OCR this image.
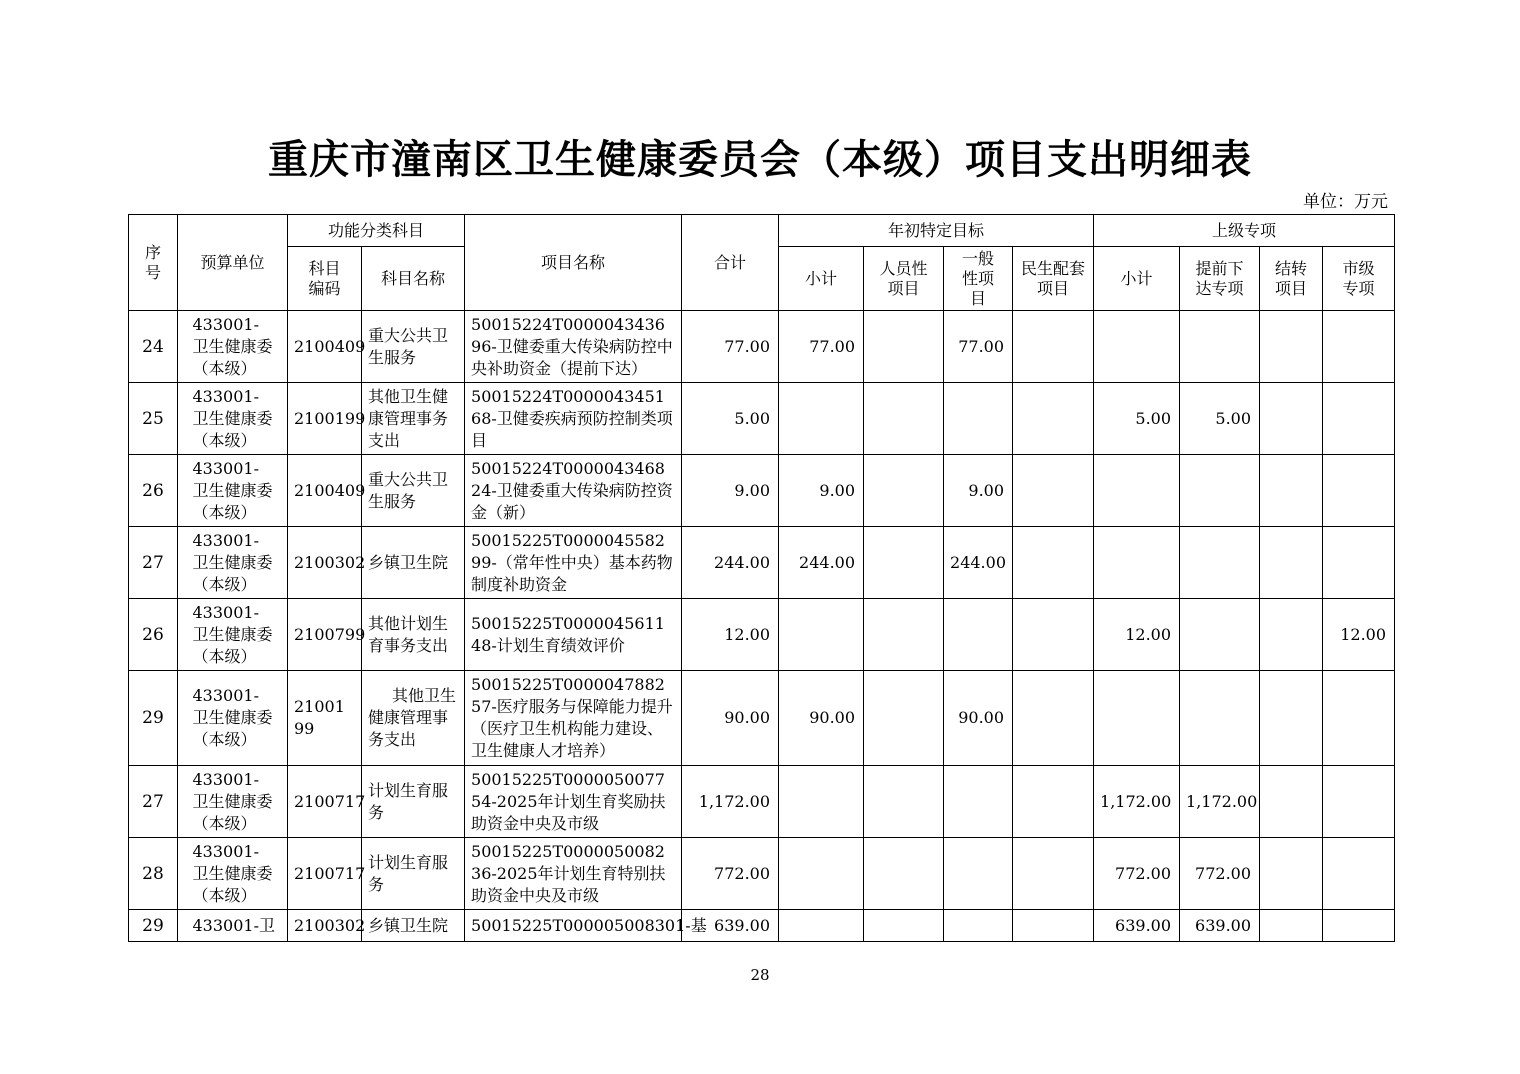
重庆市潼南区卫生健康委员会（本级）项目支出明细表
单位：万元
序号	预算单位	功能分类科目		项目名称	合计	年初特定目标				上级专项			

		科目编码	科目名称			小计	人员性项目	一般性项目	民生配套项目	小计	提前下达专项	结转项目	市级专项

24	433001-卫生健康委（本级）	2100409	重大公共卫生服务	50015224T000004343696-卫健委重大传染病防控中央补助资金（提前下达）	77.00	77.00		77.00					
25	433001-卫生健康委（本级）	2100199	其他卫生健康管理事务支出	50015224T000004345168-卫健委疾病预防控制类项目	5.00					5.00	5.00		
26	433001-卫生健康委（本级）	2100409	重大公共卫生服务	50015224T000004346824-卫健委重大传染病防控资金（新）	9.00	9.00		9.00					
27	433001-卫生健康委（本级）	2100302	乡镇卫生院	50015225T000004558299-（常年性中央）基本药物制度补助资金	244.00	244.00		244.00					
26	433001-卫生健康委（本级）	2100799	其他计划生育事务支出	50015225T000004561148-计划生育绩效评价	12.00					12.00			12.00
29	433001-卫生健康委（本级）	2100199	其他卫生健康管理事务支出	50015225T000004788257-医疗服务与保障能力提升（医疗卫生机构能力建设、卫生健康人才培养）	90.00	90.00		90.00					
27	433001-卫生健康委（本级）	2100717	计划生育服务	50015225T000005007754-2025年计划生育奖励扶助资金中央及市级	1,172.00					1,172.00	1,172.00		
28	433001-卫生健康委（本级）	2100717	计划生育服务	50015225T000005008236-2025年计划生育特别扶助资金中央及市级	772.00					772.00	772.00		
29	433001-卫	2100302	乡镇卫生院	50015225T000005008301-基	639.00					639.00	639.00		
28
